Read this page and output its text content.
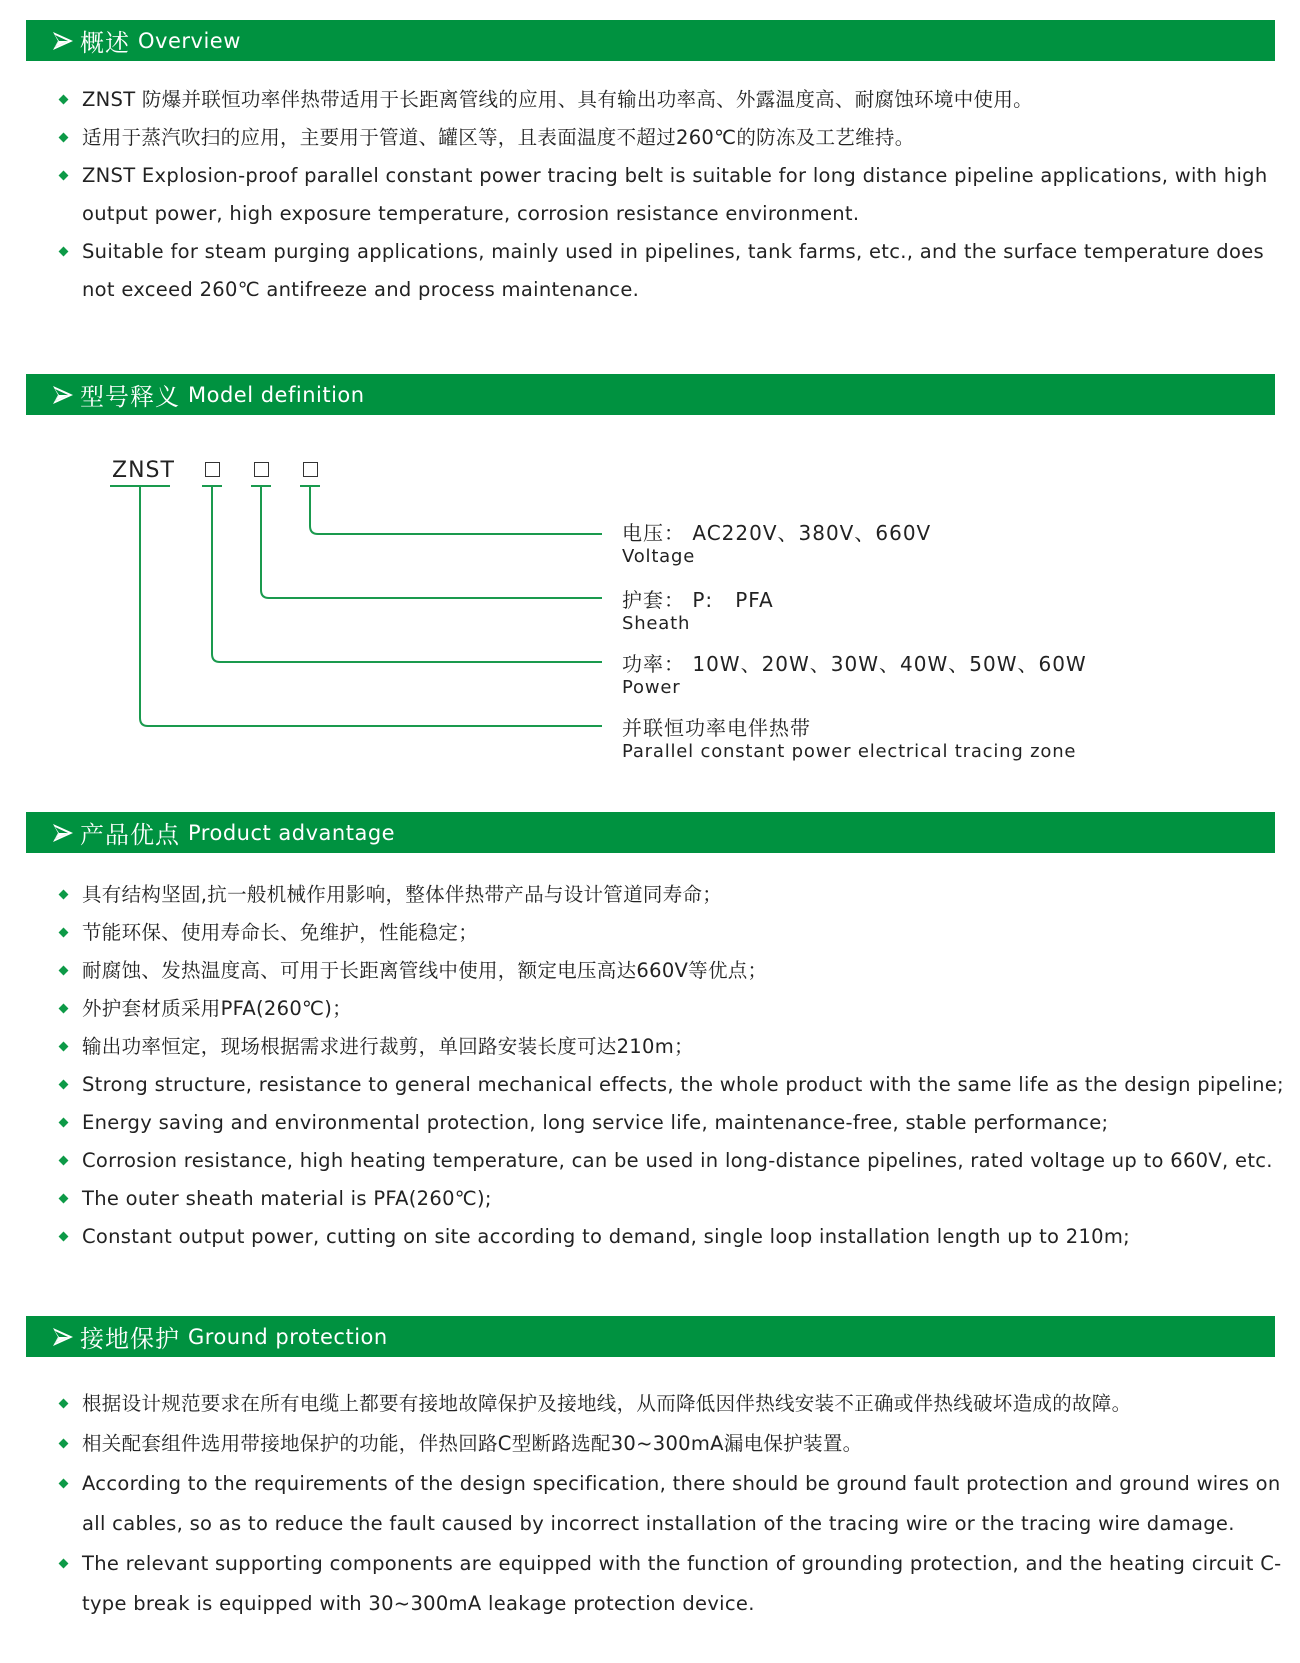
概述 Overview
ZNST 防爆并联恒功率伴热带适用于长距离管线的应用、具有输出功率高、外露温度高、耐腐蚀环境中使用。
适用于蒸汽吹扫的应用，主要用于管道、罐区等，且表面温度不超过260℃的防冻及工艺维持。
ZNST Explosion-proof parallel constant power tracing belt is suitable for long distance pipeline applications, with high output power, high exposure temperature, corrosion resistance environment.
Suitable for steam purging applications, mainly used in pipelines, tank farms, etc., and the surface temperature does not exceed 260℃ antifreeze and process maintenance.
型号释义 Model definition
ZNST
电压： AC220V、380V、660V
Voltage
护套： P:   PFA
Sheath
功率： 10W、20W、30W、40W、50W、60W
Power
并联恒功率电伴热带
Parallel constant power electrical tracing zone
产品优点 Product advantage
具有结构坚固,抗一般机械作用影响，整体伴热带产品与设计管道同寿命；
节能环保、使用寿命长、免维护，性能稳定；
耐腐蚀、发热温度高、可用于长距离管线中使用，额定电压高达660V等优点；
外护套材质采用PFA(260℃)；
输出功率恒定，现场根据需求进行裁剪，单回路安装长度可达210m；
Strong structure, resistance to general mechanical effects, the whole product with the same life as the design pipeline;
Energy saving and environmental protection, long service life, maintenance-free, stable performance;
Corrosion resistance, high heating temperature, can be used in long-distance pipelines, rated voltage up to 660V, etc.
The outer sheath material is PFA(260℃);
Constant output power, cutting on site according to demand, single loop installation length up to 210m;
接地保护 Ground protection
根据设计规范要求在所有电缆上都要有接地故障保护及接地线，从而降低因伴热线安装不正确或伴热线破坏造成的故障。
相关配套组件选用带接地保护的功能，伴热回路C型断路选配30~300mA漏电保护装置。
According to the requirements of the design specification, there should be ground fault protection and ground wires on all cables, so as to reduce the fault caused by incorrect installation of the tracing wire or the tracing wire damage.
The relevant supporting components are equipped with the function of grounding protection, and the heating circuit C-type break is equipped with 30~300mA leakage protection device.
